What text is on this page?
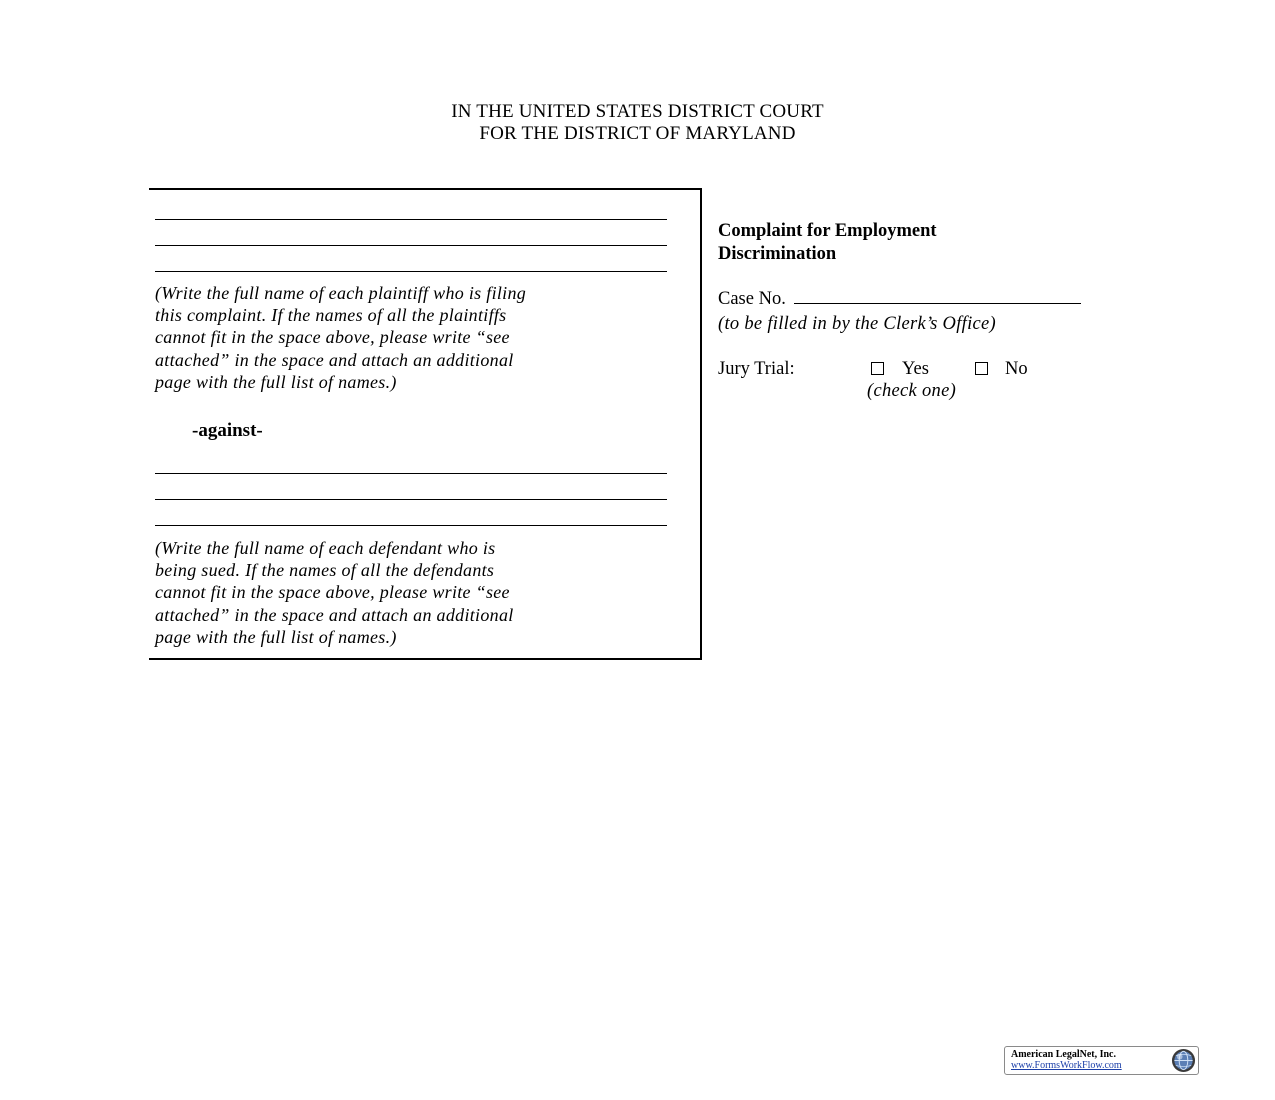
IN THE UNITED STATES DISTRICT COURT
FOR THE DISTRICT OF MARYLAND
(Write the full name of each plaintiff who is filing
this complaint. If the names of all the plaintiffs
cannot fit in the space above, please write “see
attached” in the space and attach an additional
page with the full list of names.)
-against-
(Write the full name of each defendant who is
being sued. If the names of all the defendants
cannot fit in the space above, please write “see
attached” in the space and attach an additional
page with the full list of names.)
Complaint for Employment
Discrimination
Case No.
(to be filled in by the Clerk’s Office)
Jury Trial:	Yes	No
(check one)
American LegalNet, Inc.
www.FormsWorkFlow.com
